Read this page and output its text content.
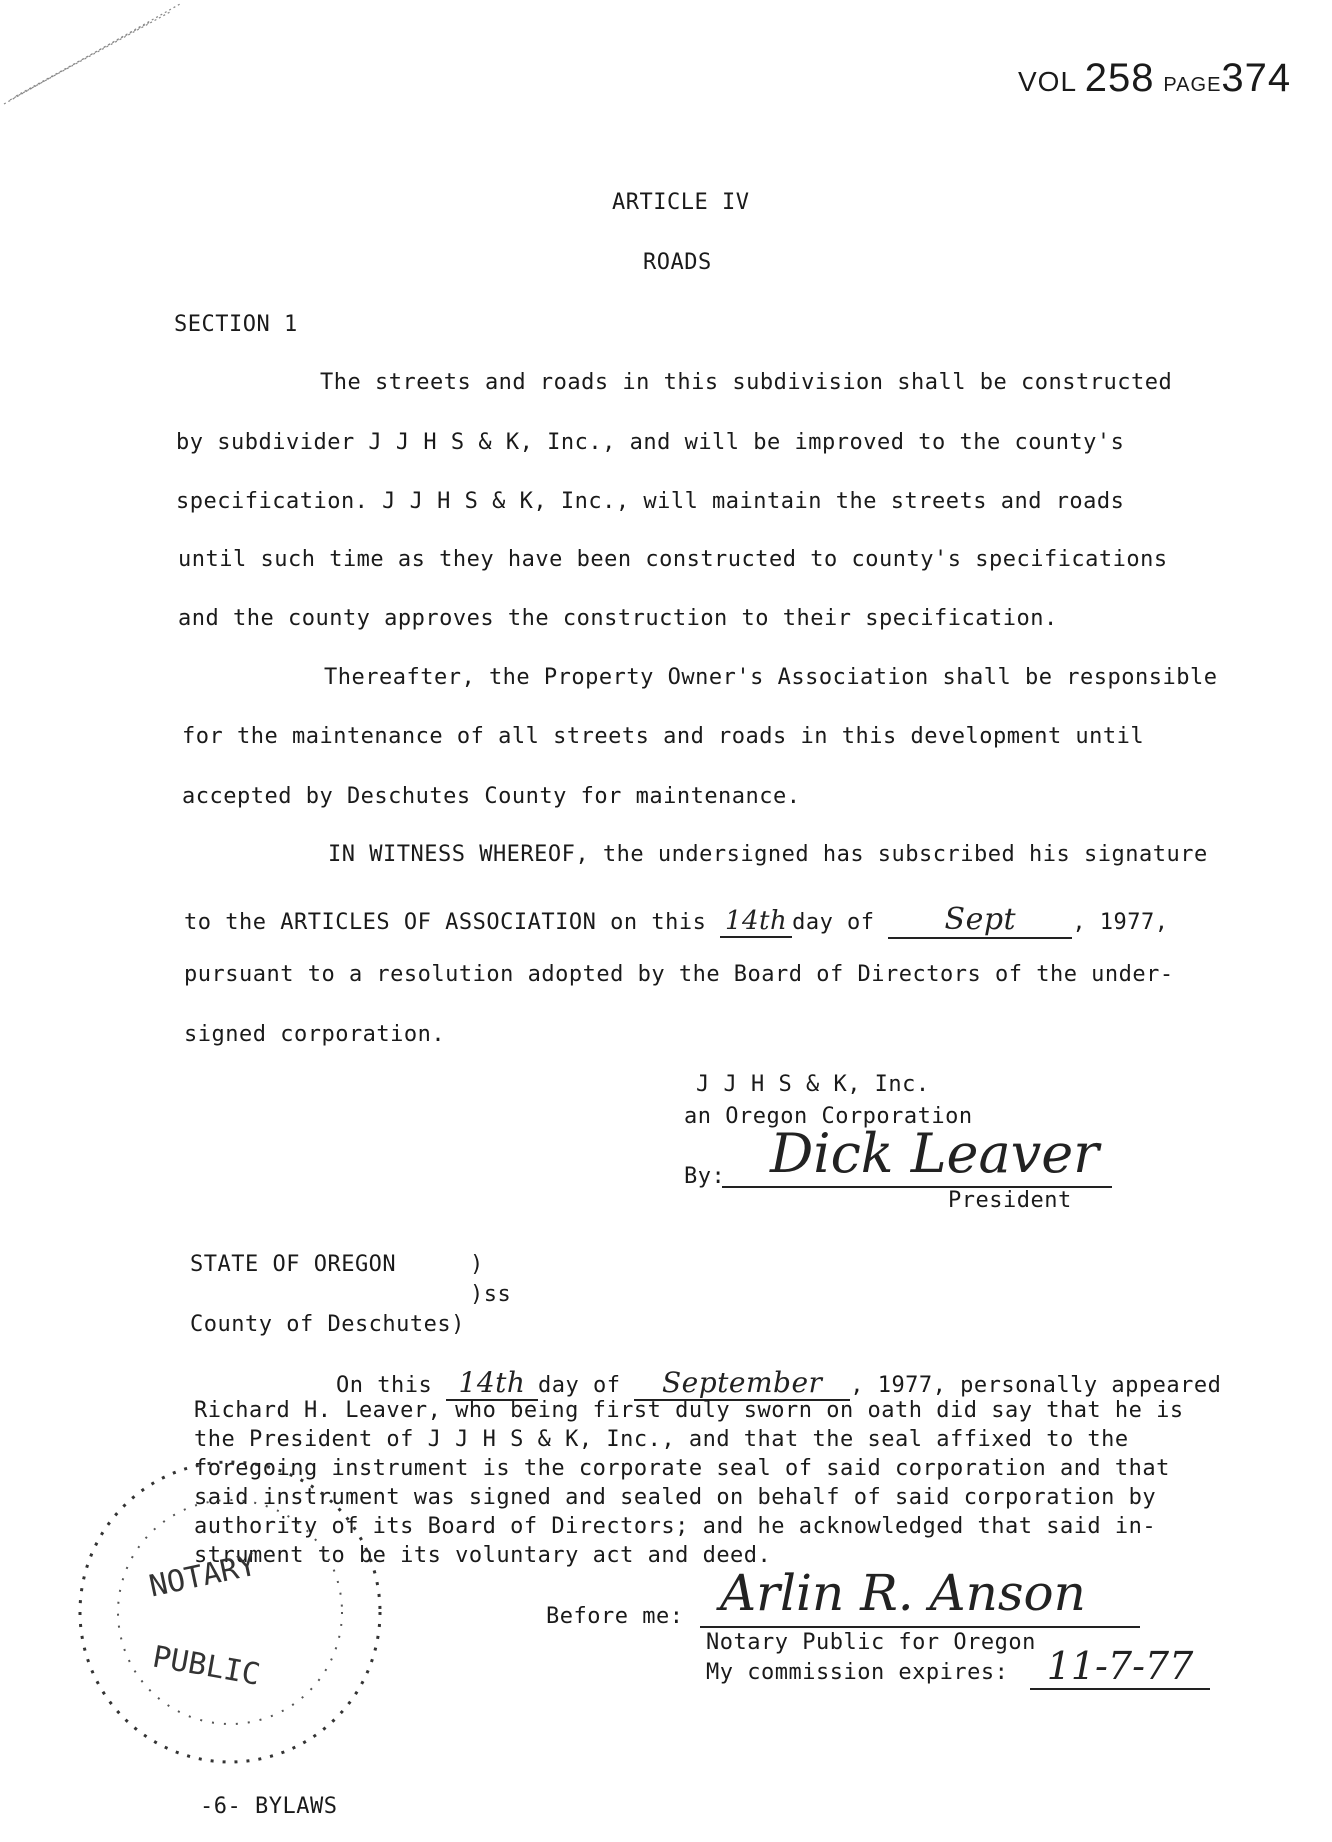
VOL 258 PAGE374
ARTICLE IV
ROADS
SECTION 1
The streets and roads in this subdivision shall be constructed
by subdivider J J H S & K, Inc., and will be improved to the county's
specification. J J H S & K, Inc., will maintain the streets and roads
until such time as they have been constructed to county's specifications
and the county approves the construction to their specification.
Thereafter, the Property Owner's Association shall be responsible
for the maintenance of all streets and roads in this development until
accepted by Deschutes County for maintenance.
IN WITNESS WHEREOF, the undersigned has subscribed his signature
to the ARTICLES OF ASSOCIATION on this 14th day of Sept	, 1977,
pursuant to a resolution adopted by the Board of Directors of the under-
signed corporation.
J J H S & K, Inc.
an Oregon Corporation
By: Dick Leaver
President
STATE OF OREGON	)
)ss
County of Deschutes)
On this 14th day of September , 1977, personally appeared
Richard H. Leaver, who being first duly sworn on oath did say that he is
the President of J J H S & K, Inc., and that the seal affixed to the
foregoing instrument is the corporate seal of said corporation and that
said instrument was signed and sealed on behalf of said corporation by
authority of its Board of Directors; and he acknowledged that said in-
strument to be its voluntary act and deed.
Before me: Arlin R. Anson
Notary Public for Oregon
My commission expires:	11-7-77
NOTARY
PUBLIC
-6- BYLAWS
